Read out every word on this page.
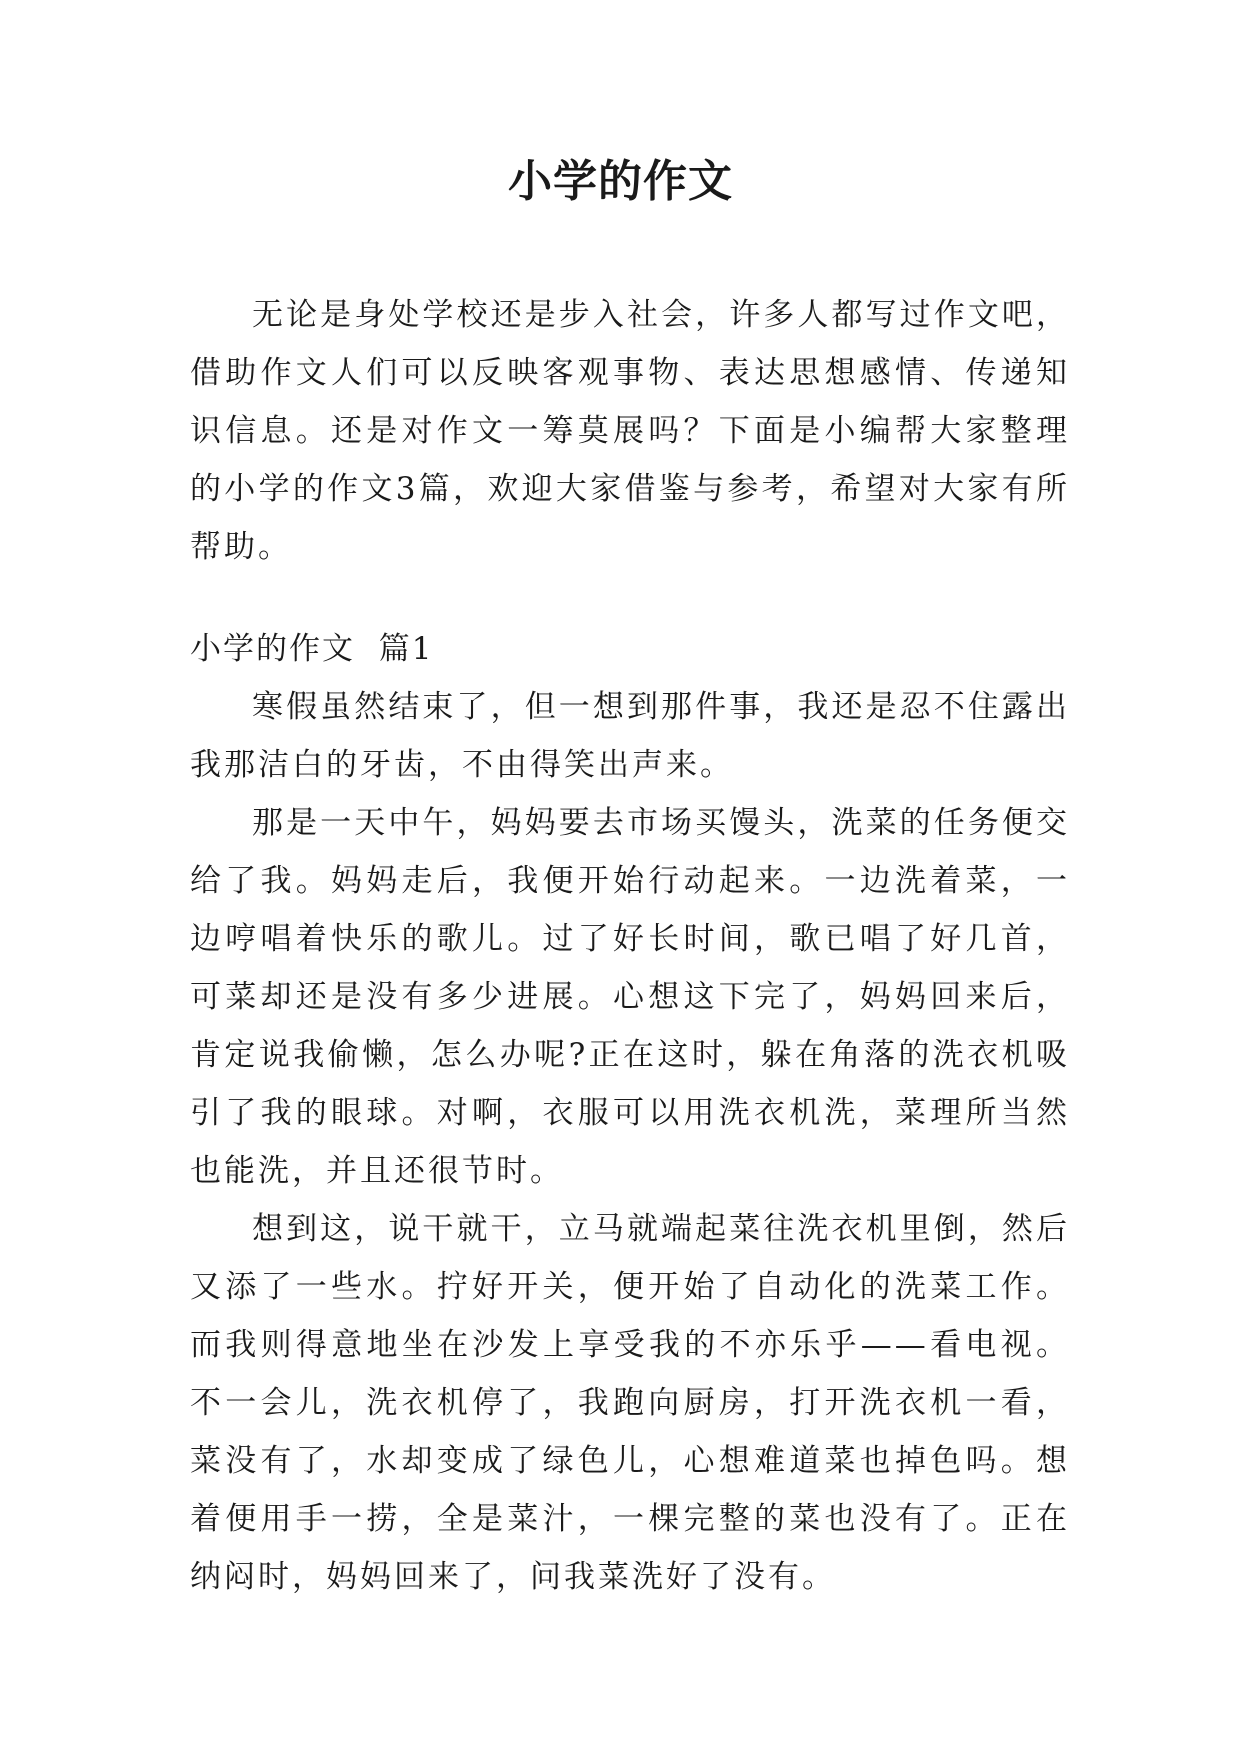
小学的作文

无论是身处学校还是步入社会，许多人都写过作文吧，借助作文人们可以反映客观事物、表达思想感情、传递知识信息。还是对作文一筹莫展吗？下面是小编帮大家整理的小学的作文3篇，欢迎大家借鉴与参考，希望对大家有所帮助。

小学的作文  篇1

寒假虽然结束了，但一想到那件事，我还是忍不住露出我那洁白的牙齿，不由得笑出声来。

那是一天中午，妈妈要去市场买馒头，洗菜的任务便交给了我。妈妈走后，我便开始行动起来。一边洗着菜，一边哼唱着快乐的歌儿。过了好长时间，歌已唱了好几首，可菜却还是没有多少进展。心想这下完了，妈妈回来后，肯定说我偷懒，怎么办呢?正在这时，躲在角落的洗衣机吸引了我的眼球。对啊，衣服可以用洗衣机洗，菜理所当然也能洗，并且还很节时。

想到这，说干就干，立马就端起菜往洗衣机里倒，然后又添了一些水。拧好开关，便开始了自动化的洗菜工作。而我则得意地坐在沙发上享受我的不亦乐乎——看电视。不一会儿，洗衣机停了，我跑向厨房，打开洗衣机一看，菜没有了，水却变成了绿色儿，心想难道菜也掉色吗。想着便用手一捞，全是菜汁，一棵完整的菜也没有了。正在纳闷时，妈妈回来了，问我菜洗好了没有。
